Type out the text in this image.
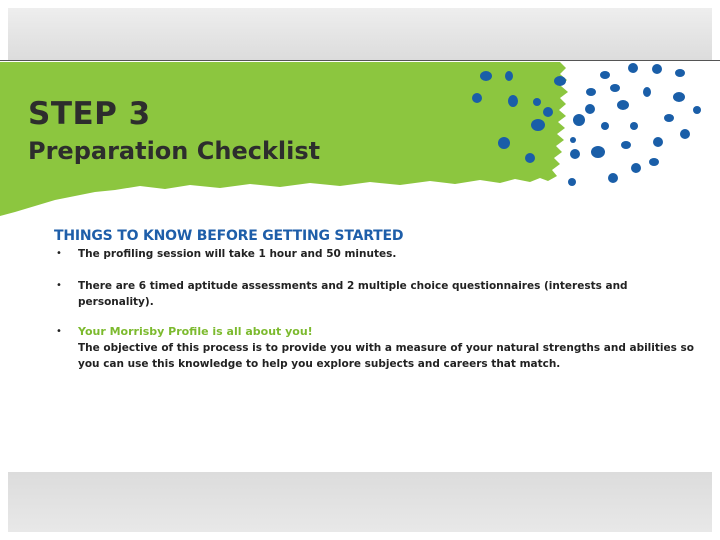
STEP 3
Preparation Checklist
THINGS TO KNOW BEFORE GETTING STARTED
• The profiling session will take 1 hour and 50 minutes.
• There are 6 timed aptitude assessments and 2 multiple choice questionnaires (interests and personality).
• Your Morrisby Profile is all about you!
The objective of this process is to provide you with a measure of your natural strengths and abilities so you can use this knowledge to help you explore subjects and careers that match.
